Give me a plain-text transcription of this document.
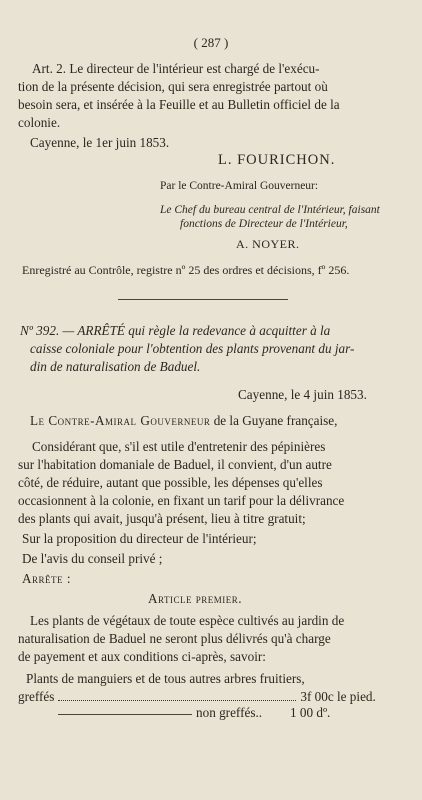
( 287 )
Art. 2. Le directeur de l'intérieur est chargé de l'exécu-
tion de la présente décision, qui sera enregistrée partout où
besoin sera, et insérée à la Feuille et au Bulletin officiel de la
colonie.
Cayenne, le 1er juin 1853.
L. FOURICHON.
Par le Contre-Amiral Gouverneur:
Le Chef du bureau central de l'Intérieur, faisant
fonctions de Directeur de l'Intérieur,
A. NOYER.
Enregistré au Contrôle, registre nº 25 des ordres et décisions, fº 256.
Nº 392. — ARRÊTÉ qui règle la redevance à acquitter à la
caisse coloniale pour l'obtention des plants provenant du jar-
din de naturalisation de Baduel.
Cayenne, le 4 juin 1853.
Le Contre-Amiral Gouverneur de la Guyane française,
Considérant que, s'il est utile d'entretenir des pépinières
sur l'habitation domaniale de Baduel, il convient, d'un autre
côté, de réduire, autant que possible, les dépenses qu'elles
occasionnent à la colonie, en fixant un tarif pour la délivrance
des plants qui avait, jusqu'à présent, lieu à titre gratuit;
Sur la proposition du directeur de l'intérieur;
De l'avis du conseil privé ;
Arrête :
Article premier.
Les plants de végétaux de toute espèce cultivés au jardin de
naturalisation de Baduel ne seront plus délivrés qu'à charge
de payement et aux conditions ci-après, savoir:
Plants de manguiers et de tous autres arbres fruitiers,
greffés	3f 00c le pied.
non greffés.. 1 00 dº.
